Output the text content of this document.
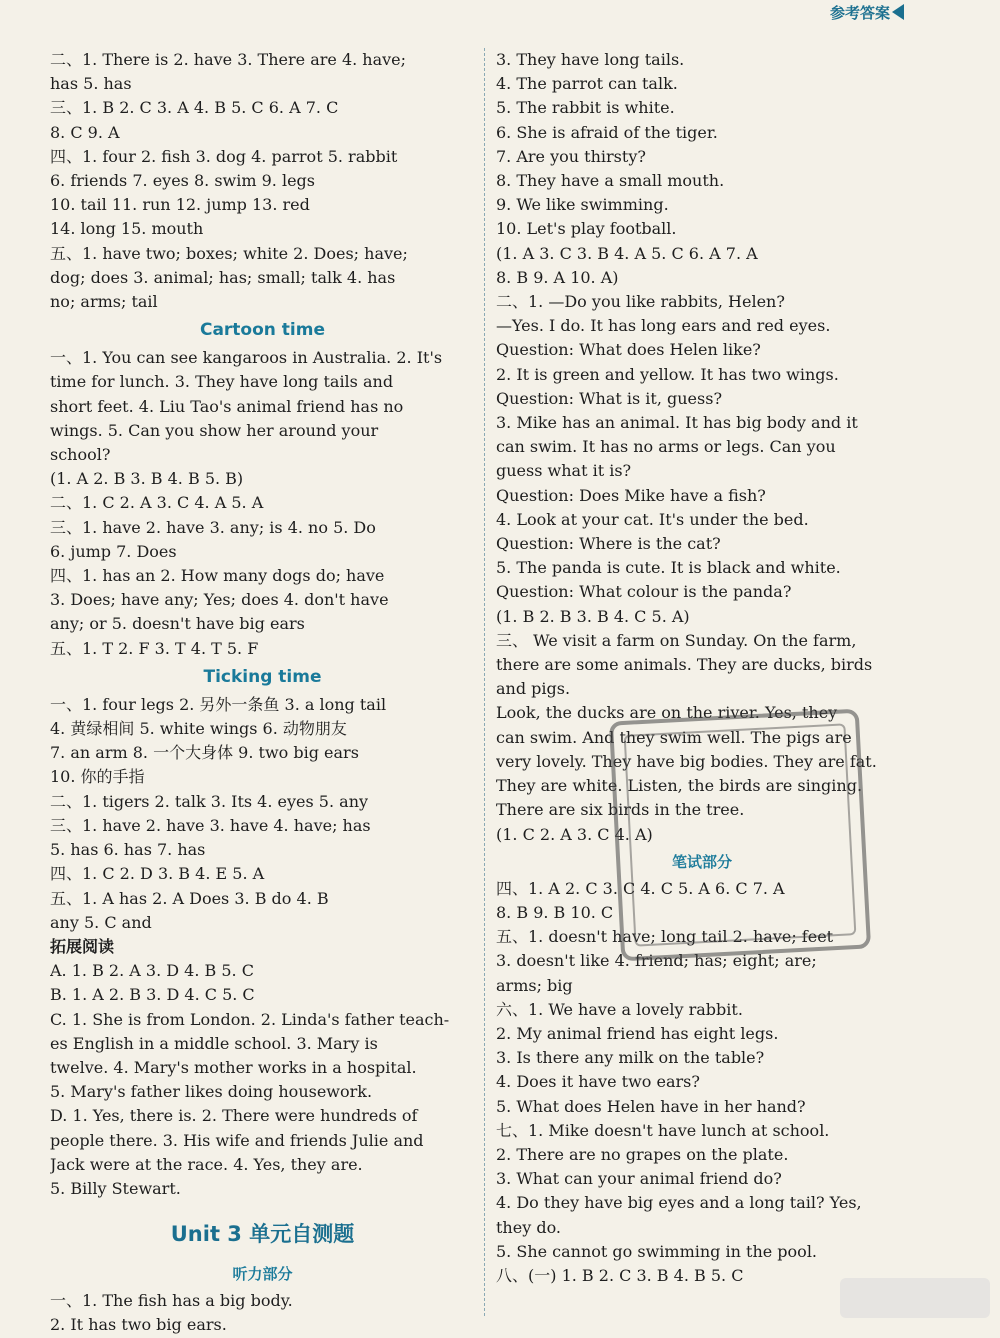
参考答案
二、1. There is 2. have 3. There are 4. have;
has 5. has
三、1. B 2. C 3. A 4. B 5. C 6. A 7. C
8. C 9. A
四、1. four 2. fish 3. dog 4. parrot 5. rabbit
6. friends 7. eyes 8. swim 9. legs
10. tail 11. run 12. jump 13. red
14. long 15. mouth
五、1. have two; boxes; white 2. Does; have;
dog; does 3. animal; has; small; talk 4. has
no; arms; tail
Cartoon time
一、1. You can see kangaroos in Australia. 2. It's
time for lunch. 3. They have long tails and
short feet. 4. Liu Tao's animal friend has no
wings. 5. Can you show her around your
school?
(1. A 2. B 3. B 4. B 5. B)
二、1. C 2. A 3. C 4. A 5. A
三、1. have 2. have 3. any; is 4. no 5. Do
6. jump 7. Does
四、1. has an 2. How many dogs do; have
3. Does; have any; Yes; does 4. don't have
any; or 5. doesn't have big ears
五、1. T 2. F 3. T 4. T 5. F
Ticking time
一、1. four legs 2. 另外一条鱼 3. a long tail
4. 黄绿相间 5. white wings 6. 动物朋友
7. an arm 8. 一个大身体 9. two big ears
10. 你的手指
二、1. tigers 2. talk 3. Its 4. eyes 5. any
三、1. have 2. have 3. have 4. have; has
5. has 6. has 7. has
四、1. C 2. D 3. B 4. E 5. A
五、1. A has 2. A Does 3. B do 4. B
any 5. C and
拓展阅读
A. 1. B 2. A 3. D 4. B 5. C
B. 1. A 2. B 3. D 4. C 5. C
C. 1. She is from London. 2. Linda's father teach-
es English in a middle school. 3. Mary is
twelve. 4. Mary's mother works in a hospital.
5. Mary's father likes doing housework.
D. 1. Yes, there is. 2. There were hundreds of
people there. 3. His wife and friends Julie and
Jack were at the race. 4. Yes, they are.
5. Billy Stewart.
Unit 3 单元自测题
听力部分
一、1. The fish has a big body.
2. It has two big ears.
3. They have long tails.
4. The parrot can talk.
5. The rabbit is white.
6. She is afraid of the tiger.
7. Are you thirsty?
8. They have a small mouth.
9. We like swimming.
10. Let's play football.
(1. A 3. C 3. B 4. A 5. C 6. A 7. A
8. B 9. A 10. A)
二、1. —Do you like rabbits, Helen?
—Yes. I do. It has long ears and red eyes.
Question: What does Helen like?
2. It is green and yellow. It has two wings.
Question: What is it, guess?
3. Mike has an animal. It has big body and it
can swim. It has no arms or legs. Can you
guess what it is?
Question: Does Mike have a fish?
4. Look at your cat. It's under the bed.
Question: Where is the cat?
5. The panda is cute. It is black and white.
Question: What colour is the panda?
(1. B 2. B 3. B 4. C 5. A)
三、 We visit a farm on Sunday. On the farm,
there are some animals. They are ducks, birds
and pigs.
Look, the ducks are on the river. Yes, they
can swim. And they swim well. The pigs are
very lovely. They have big bodies. They are fat.
They are white. Listen, the birds are singing.
There are six birds in the tree.
(1. C 2. A 3. C 4. A)
笔试部分
四、1. A 2. C 3. C 4. C 5. A 6. C 7. A
8. B 9. B 10. C
五、1. doesn't have; long tail 2. have; feet
3. doesn't like 4. friend; has; eight; are;
arms; big
六、1. We have a lovely rabbit.
2. My animal friend has eight legs.
3. Is there any milk on the table?
4. Does it have two ears?
5. What does Helen have in her hand?
七、1. Mike doesn't have lunch at school.
2. There are no grapes on the plate.
3. What can your animal friend do?
4. Do they have big eyes and a long tail? Yes,
they do.
5. She cannot go swimming in the pool.
八、(一) 1. B 2. C 3. B 4. B 5. C
